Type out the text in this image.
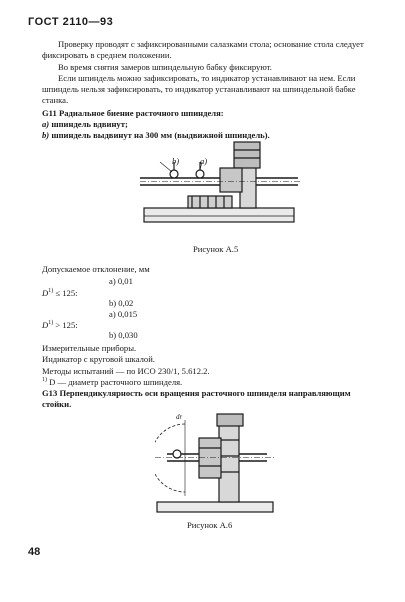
ГОСТ 2110—93
Проверку проводят с зафиксированными салазками стола; основание стола следует
фиксировать в среднем положении.
Во время снятия замеров шпиндельную бабку фиксируют.
Если шпиндель можно зафиксировать, то индикатор устанавливают на нем. Если
шпиндель нельзя зафиксировать, то индикатор устанавливают на шпиндельной бабке
станка.
G11 Радиальное биение расточного шпинделя:
a) шпиндель вдвинут;
b) шпиндель выдвинут на 300 мм (выдвижной шпиндель).
b) a)
Рисунок А.5
Допускаемое отклонение, мм
а) 0,01
$D^{1)} \le 125$:
b) 0,02
а) 0,015
$D^{1)} > 125$:
b) 0,030
Измерительные приборы.
Индикатор с круговой шкалой.
Методы испытаний — по ИСО 230/1, 5.612.2.
$^{1)}$ D — диаметр расточного шпинделя.
G13 Перпендикулярность оси вращения расточного шпинделя направляющим
стойки.
dr
Рисунок А.6
48
